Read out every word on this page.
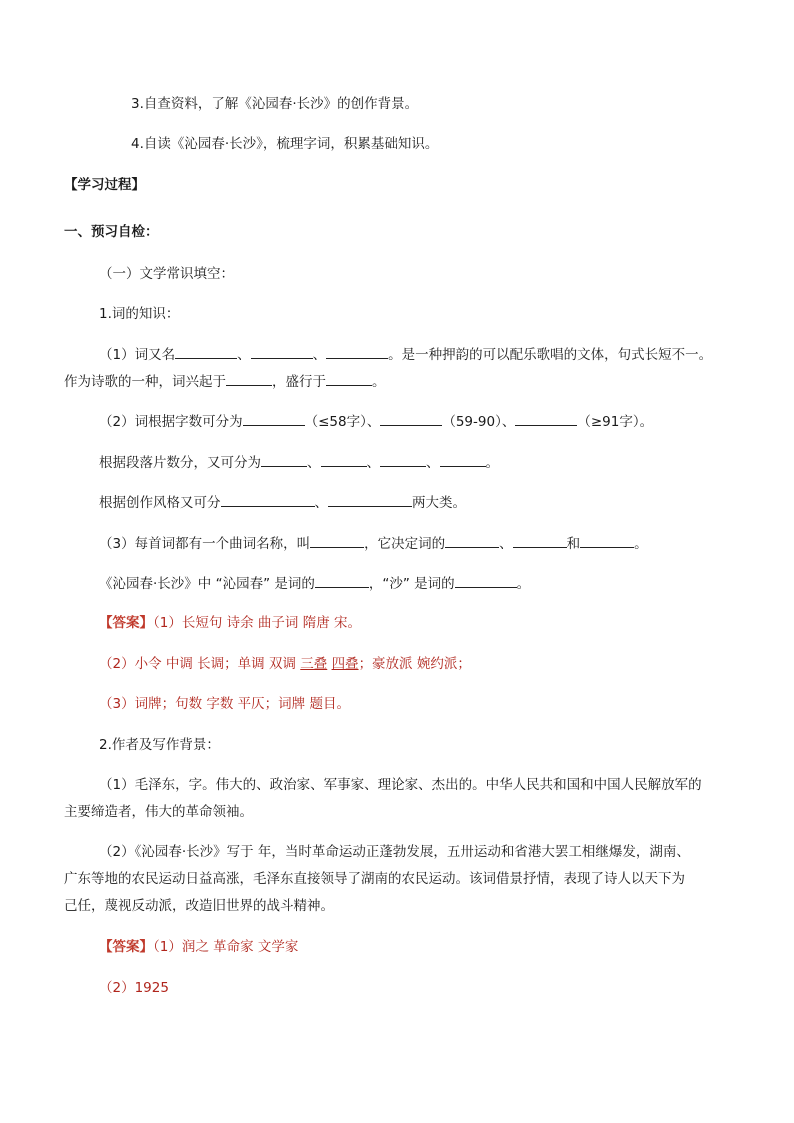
3.自查资料，了解《沁园春·长沙》的创作背景。
4.自读《沁园春·长沙》，梳理字词，积累基础知识。
【学习过程】
一、预习自检：
（一）文学常识填空：
1.词的知识：
（1）词又名	、	、	。是一种押韵的可以配乐歌唱的文体，句式长短不一。
作为诗歌的一种，词兴起于	，盛行于	。
（2）词根据字数可分为	（≤58字）、	（59-90）、	（≥91字）。
根据段落片数分，又可分为	、	、	、	。
根据创作风格又可分	、	两大类。
（3）每首词都有一个曲词名称，叫	，它决定词的	、	和	。
《沁园春·长沙》中 “沁园春” 是词的	，“沙” 是词的	。
【答案】（1）长短句 诗余 曲子词 隋唐 宋。
（2）小令 中调 长调；单调 双调 三叠 四叠；豪放派 婉约派；
（3）词牌；句数 字数 平仄；词牌 题目。
2.作者及写作背景：
（1）毛泽东，字。伟大的、政治家、军事家、理论家、杰出的。中华人民共和国和中国人民解放军的
主要缔造者，伟大的革命领袖。
（2）《沁园春·长沙》写于 年，当时革命运动正蓬勃发展，五卅运动和省港大罢工相继爆发，湖南、
广东等地的农民运动日益高涨，毛泽东直接领导了湖南的农民运动。该词借景抒情，表现了诗人以天下为
己任，蔑视反动派，改造旧世界的战斗精神。
【答案】（1）润之 革命家 文学家
（2）1925
